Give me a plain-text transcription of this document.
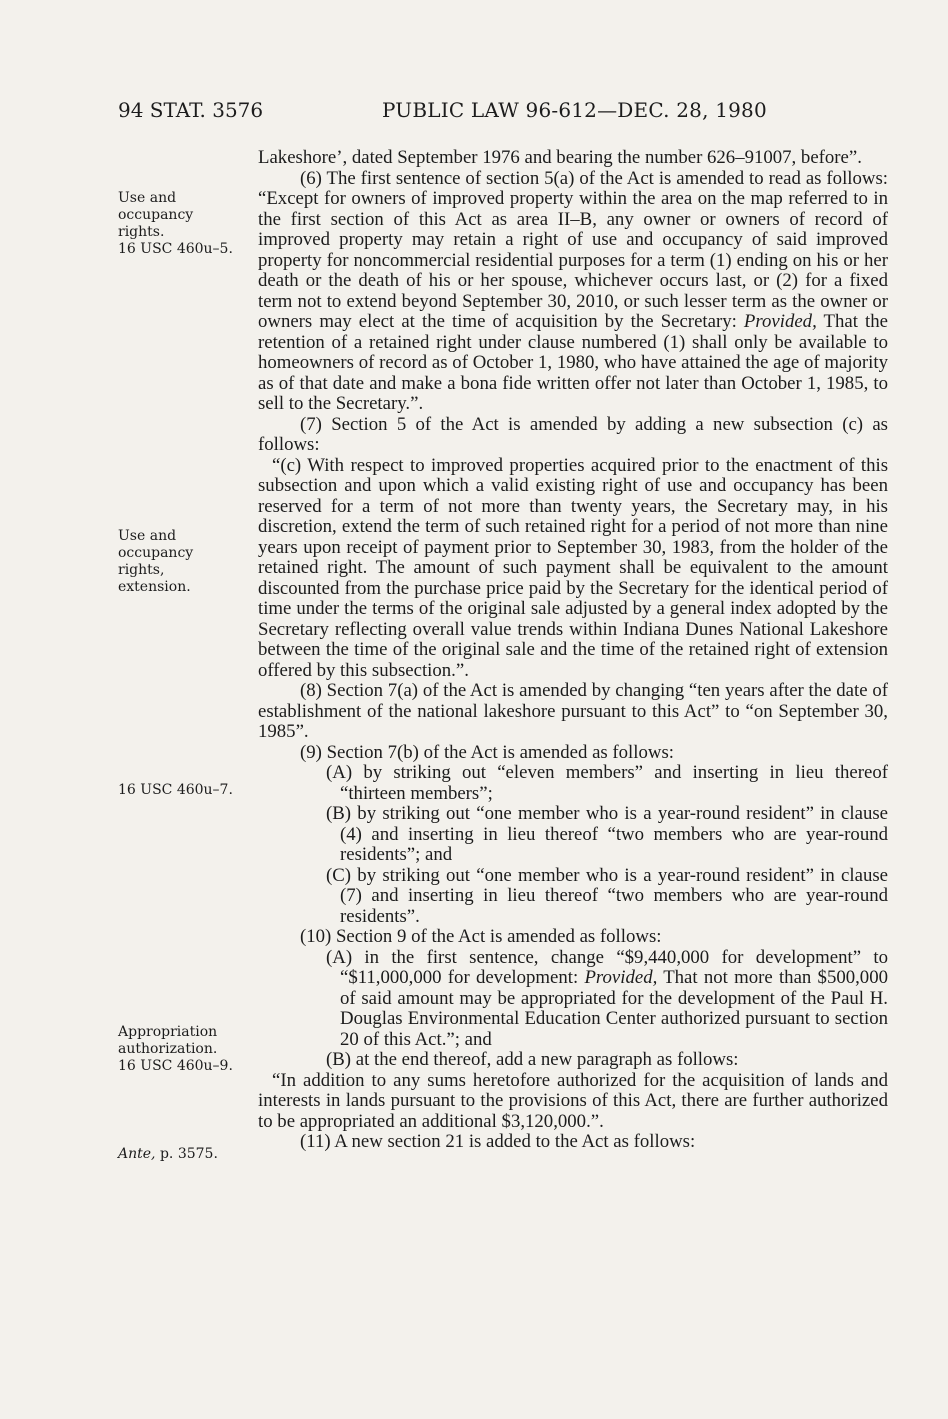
94 STAT. 3576	PUBLIC LAW 96-612—DEC. 28, 1980
Use and
occupancy
rights.
16 USC 460u–5.
Use and
occupancy
rights,
extension.
16 USC 460u–7.
Appropriation
authorization.
16 USC 460u–9.
Ante, p. 3575.

Lakeshore’, dated September 1976 and bearing the number 626–91007, before”.

(6) The first sentence of section 5(a) of the Act is amended to read as follows: “Except for owners of improved property within the area on the map referred to in the first section of this Act as area II–B, any owner or owners of record of improved property may retain a right of use and occupancy of said improved property for noncommercial residential purposes for a term (1) ending on his or her death or the death of his or her spouse, whichever occurs last, or (2) for a fixed term not to extend beyond September 30, 2010, or such lesser term as the owner or owners may elect at the time of acquisition by the Secretary: Provided, That the retention of a retained right under clause numbered (1) shall only be available to homeowners of record as of October 1, 1980, who have attained the age of majority as of that date and make a bona fide written offer not later than October 1, 1985, to sell to the Secretary.”.

(7) Section 5 of the Act is amended by adding a new subsection (c) as follows:

“(c) With respect to improved properties acquired prior to the enactment of this subsection and upon which a valid existing right of use and occupancy has been reserved for a term of not more than twenty years, the Secretary may, in his discretion, extend the term of such retained right for a period of not more than nine years upon receipt of payment prior to September 30, 1983, from the holder of the retained right. The amount of such payment shall be equivalent to the amount discounted from the purchase price paid by the Secretary for the identical period of time under the terms of the original sale adjusted by a general index adopted by the Secretary reflecting overall value trends within Indiana Dunes National Lakeshore between the time of the original sale and the time of the retained right of extension offered by this subsection.”.

(8) Section 7(a) of the Act is amended by changing “ten years after the date of establishment of the national lakeshore pursuant to this Act” to “on September 30, 1985”.

(9) Section 7(b) of the Act is amended as follows:

(A) by striking out “eleven members” and inserting in lieu thereof “thirteen members”;

(B) by striking out “one member who is a year-round resident” in clause (4) and inserting in lieu thereof “two members who are year-round residents”; and

(C) by striking out “one member who is a year-round resident” in clause (7) and inserting in lieu thereof “two members who are year-round residents”.

(10) Section 9 of the Act is amended as follows:

(A) in the first sentence, change “$9,440,000 for development” to “$11,000,000 for development: Provided, That not more than $500,000 of said amount may be appropriated for the development of the Paul H. Douglas Environmental Education Center authorized pursuant to section 20 of this Act.”; and

(B) at the end thereof, add a new paragraph as follows:

“In addition to any sums heretofore authorized for the acquisition of lands and interests in lands pursuant to the provisions of this Act, there are further authorized to be appropriated an additional $3,120,000.”.

(11) A new section 21 is added to the Act as follows:
